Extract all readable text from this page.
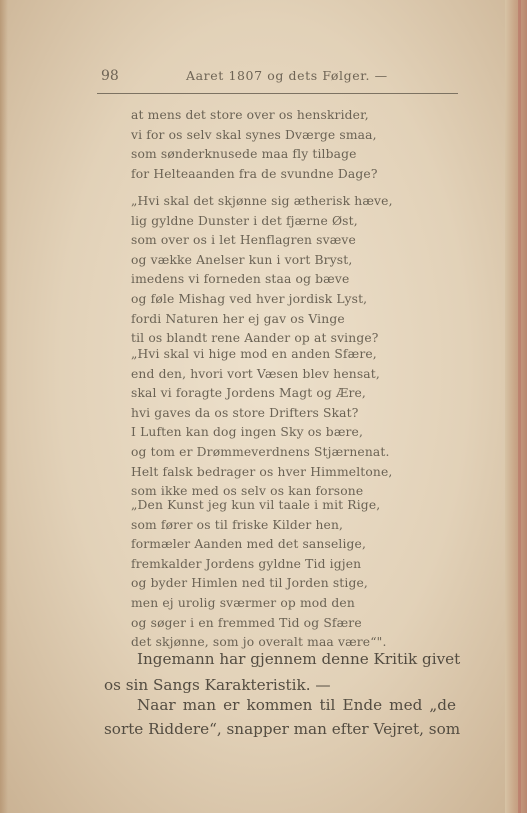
98	Aaret 1807 og dets Følger. —
at mens det store over os henskrider,
vi for os selv skal synes Dværge smaa,
som sønderknusede maa fly tilbage
for Helteaanden fra de svundne Dage?
„Hvi skal det skjønne sig ætherisk hæve,
lig gyldne Dunster i det fjærne Øst,
som over os i let Henflagren svæve
og vække Anelser kun i vort Bryst,
imedens vi forneden staa og bæve
og føle Mishag ved hver jordisk Lyst,
fordi Naturen her ej gav os Vinge
til os blandt rene Aander op at svinge?
„Hvi skal vi hige mod en anden Sfære,
end den, hvori vort Væsen blev hensat,
skal vi foragte Jordens Magt og Ære,
hvi gaves da os store Drifters Skat?
I Luften kan dog ingen Sky os bære,
og tom er Drømmeverdnens Stjærnenat.
Helt falsk bedrager os hver Himmeltone,
som ikke med os selv os kan forsone
„Den Kunst jeg kun vil taale i mit Rige,
som fører os til friske Kilder hen,
formæler Aanden med det sanselige,
fremkalder Jordens gyldne Tid igjen
og byder Himlen ned til Jorden stige,
men ej urolig sværmer op mod den
og søger i en fremmed Tid og Sfære
det skjønne, som jo overalt maa være“".
Ingemann har gjennem denne Kritik givet
os sin Sangs Karakteristik. —
Naar man er kommen til Ende med „de
sorte Riddere“, snapper man efter Vejret, som
